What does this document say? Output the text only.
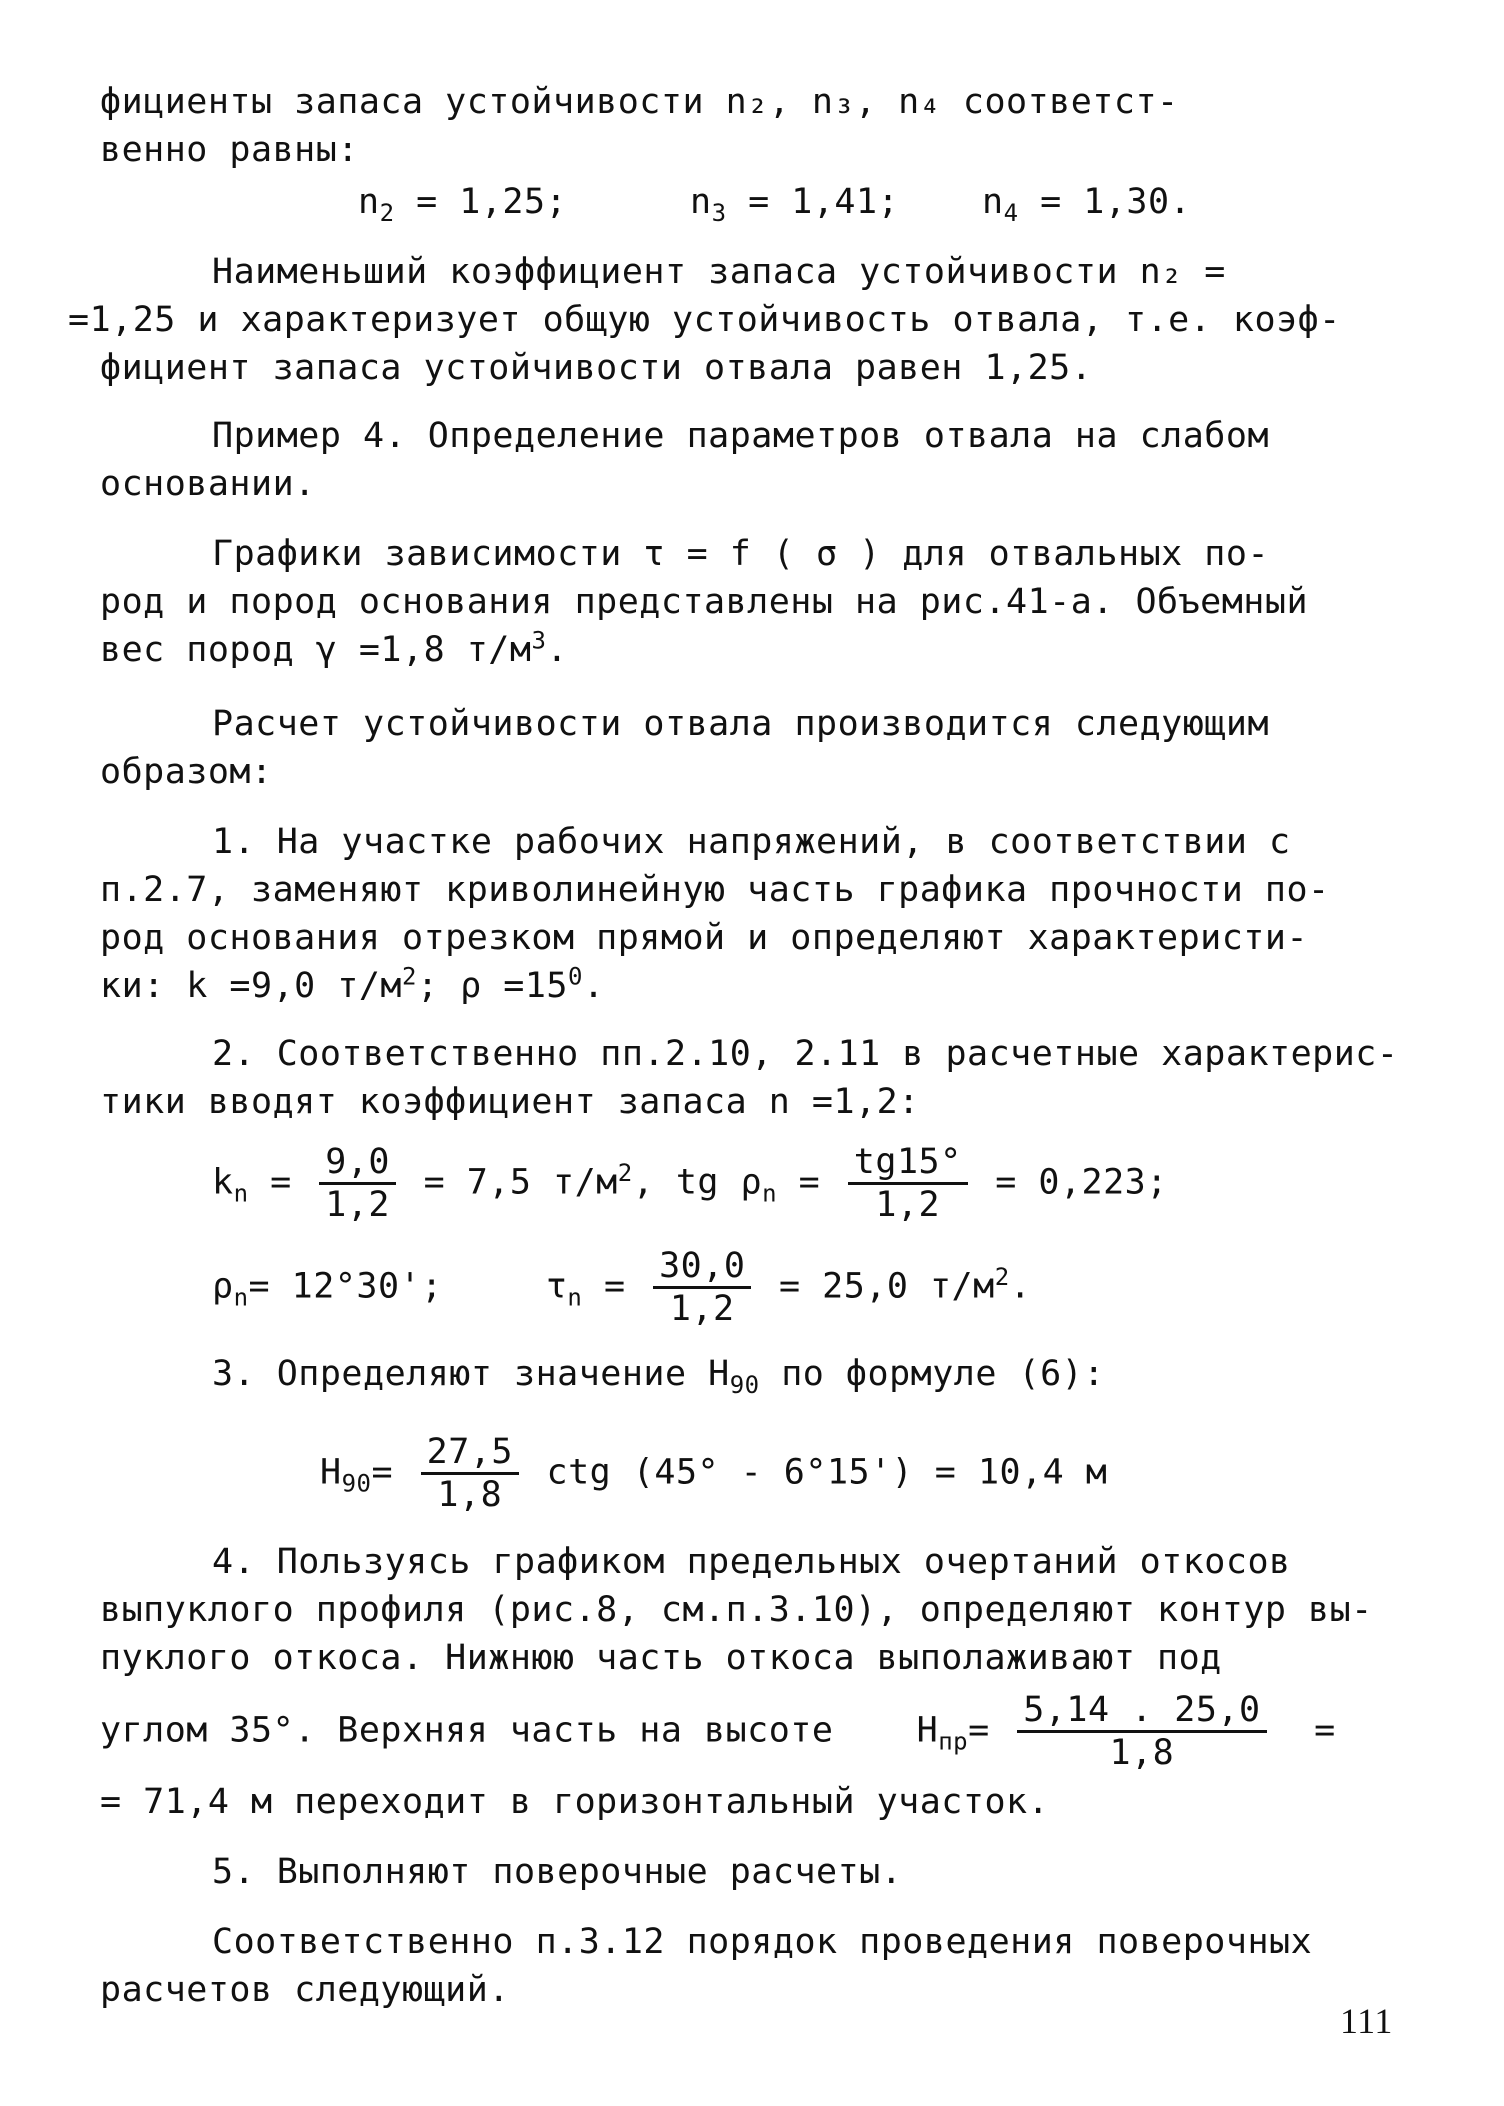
фициенты запаса устойчивости n₂, n₃, n₄ соответст-
венно равны:
$n_2 = 1,25$;	$n_3 = 1,41$; $n_4 = 1,30$.
Наименьший коэффициент запаса устойчивости n₂ =
=1,25 и характеризует общую устойчивость отвала, т.е. коэф-
фициент запаса устойчивости отвала равен 1,25.
Пример 4. Определение параметров отвала на слабом
основании.
Графики зависимости τ = f ( σ ) для отвальных по-
род и пород основания представлены на рис.41-а. Объемный
вес пород γ =1,8 $т/м^3$.
Расчет устойчивости отвала производится следующим
образом:
1. На участке рабочих напряжений, в соответствии с
п.2.7, заменяют криволинейную часть графика прочности по-
род основания отрезком прямой и определяют характеристи-
ки: k =9,0 $т/м^2$; $\rho =15^0$.
2. Соответственно пп.2.10, 2.11 в расчетные характерис-
тики вводят коэффициент запаса n =1,2:
$k_n = \frac{9,0}{1,2} = 7,5$ $т/м^2$, tg $\rho_n = \frac{tg15^\circ}{1,2} = 0,223$;
$\rho_n= 12^\circ 30'$;	$\tau_n = \frac{30,0}{1,2} = 25,0$ $т/м^2$.
3. Определяют значение $H_{90}$ по формуле (6):
$H_{90}= \frac{27,5}{1,8}$ ctg (45° - 6°15') = 10,4 м
4. Пользуясь графиком предельных очертаний откосов
выпуклого профиля (рис.8, см.п.3.10), определяют контур вы-
пуклого откоса. Нижнюю часть откоса выполаживают под
углом 35°. Верхняя часть на высоте $H_{пр}= \frac{5,14 . 25,0}{1,8}$ =
= 71,4 м переходит в горизонтальный участок.
5. Выполняют поверочные расчеты.
Соответственно п.3.12 порядок проведения поверочных
расчетов следующий.
111
